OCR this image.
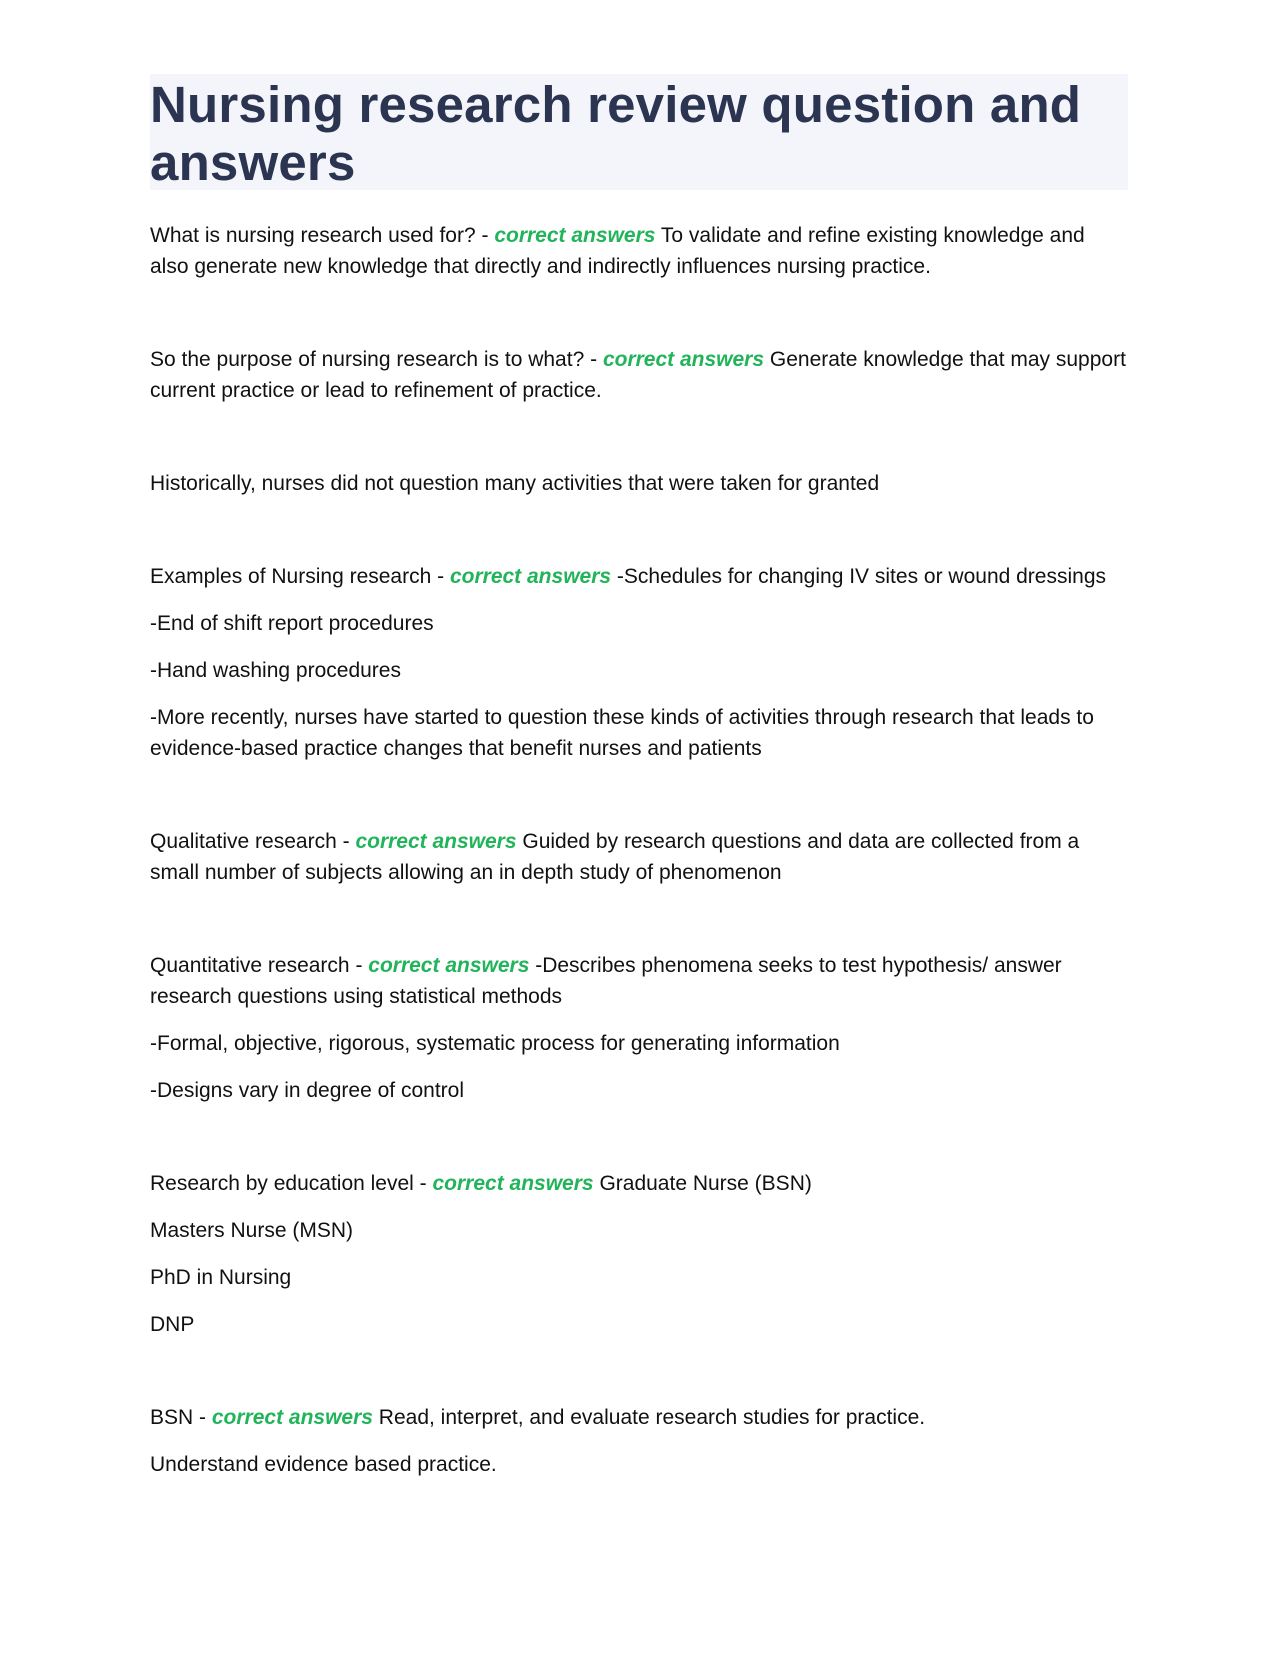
Nursing research review question and answers

What is nursing research used for? - correct answers To validate and refine existing knowledge and also generate new knowledge that directly and indirectly influences nursing practice.

So the purpose of nursing research is to what? - correct answers Generate knowledge that may support current practice or lead to refinement of practice.

Historically, nurses did not question many activities that were taken for granted

Examples of Nursing research - correct answers -Schedules for changing IV sites or wound dressings

-End of shift report procedures

-Hand washing procedures

-More recently, nurses have started to question these kinds of activities through research that leads to evidence-based practice changes that benefit nurses and patients

Qualitative research - correct answers Guided by research questions and data are collected from a small number of subjects allowing an in depth study of phenomenon

Quantitative research - correct answers -Describes phenomena seeks to test hypothesis/ answer research questions using statistical methods

-Formal, objective, rigorous, systematic process for generating information

-Designs vary in degree of control

Research by education level - correct answers Graduate Nurse (BSN)

Masters Nurse (MSN)

PhD in Nursing

DNP

BSN - correct answers Read, interpret, and evaluate research studies for practice.

Understand evidence based practice.
